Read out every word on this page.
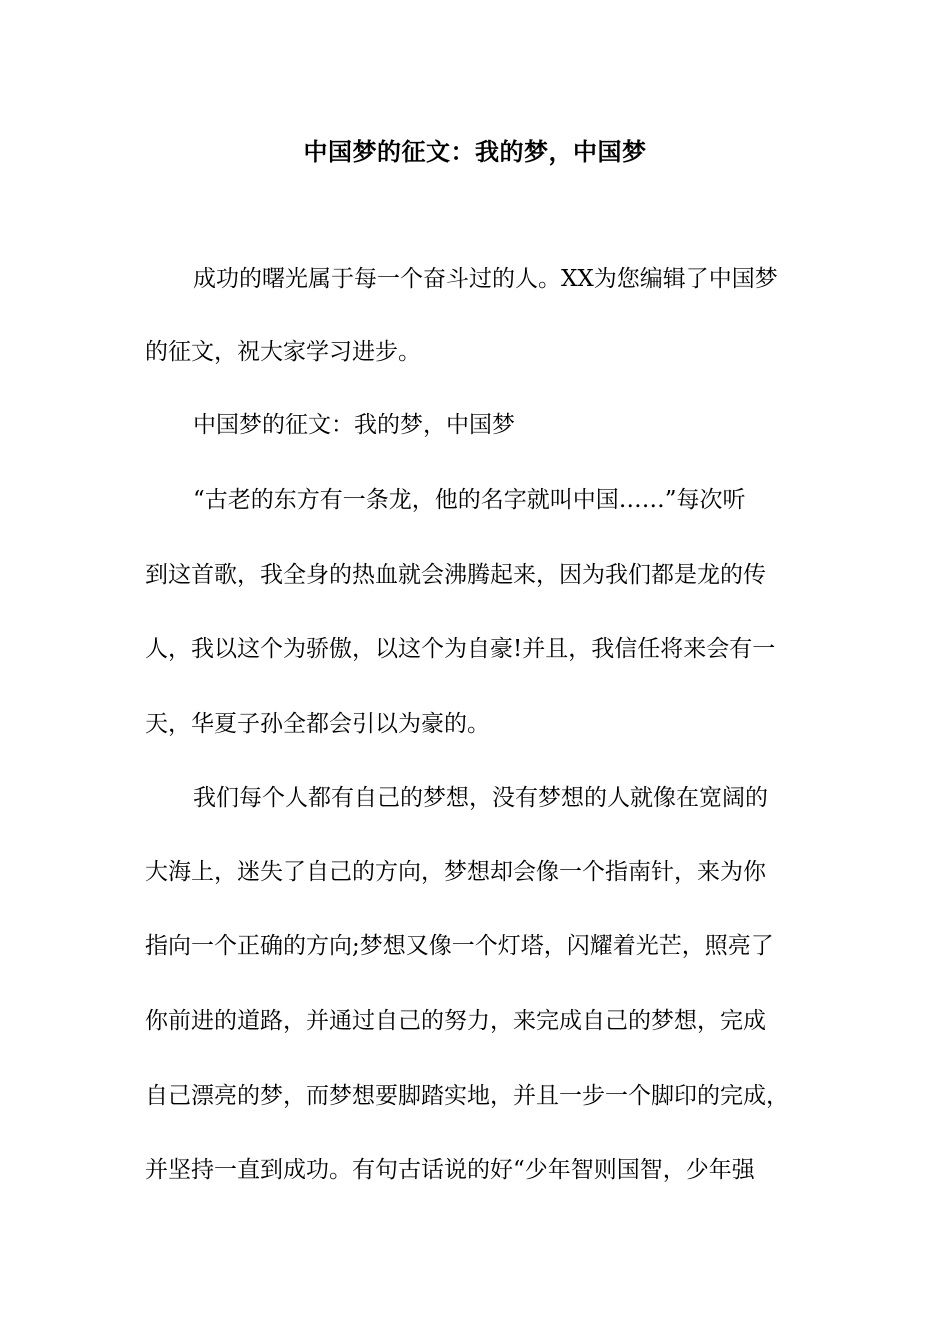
中国梦的征文：我的梦，中国梦
成功的曙光属于每一个奋斗过的人。XX为您编辑了中国梦
的征文，祝大家学习进步。
中国梦的征文：我的梦，中国梦
“古老的东方有一条龙，他的名字就叫中国……”每次听
到这首歌，我全身的热血就会沸腾起来，因为我们都是龙的传
人，我以这个为骄傲，以这个为自豪!并且，我信任将来会有一
天，华夏子孙全都会引以为豪的。
我们每个人都有自己的梦想，没有梦想的人就像在宽阔的
大海上，迷失了自己的方向，梦想却会像一个指南针，来为你
指向一个正确的方向;梦想又像一个灯塔，闪耀着光芒，照亮了
你前进的道路，并通过自己的努力，来完成自己的梦想，完成
自己漂亮的梦，而梦想要脚踏实地，并且一步一个脚印的完成，
并坚持一直到成功。有句古话说的好“少年智则国智，少年强
